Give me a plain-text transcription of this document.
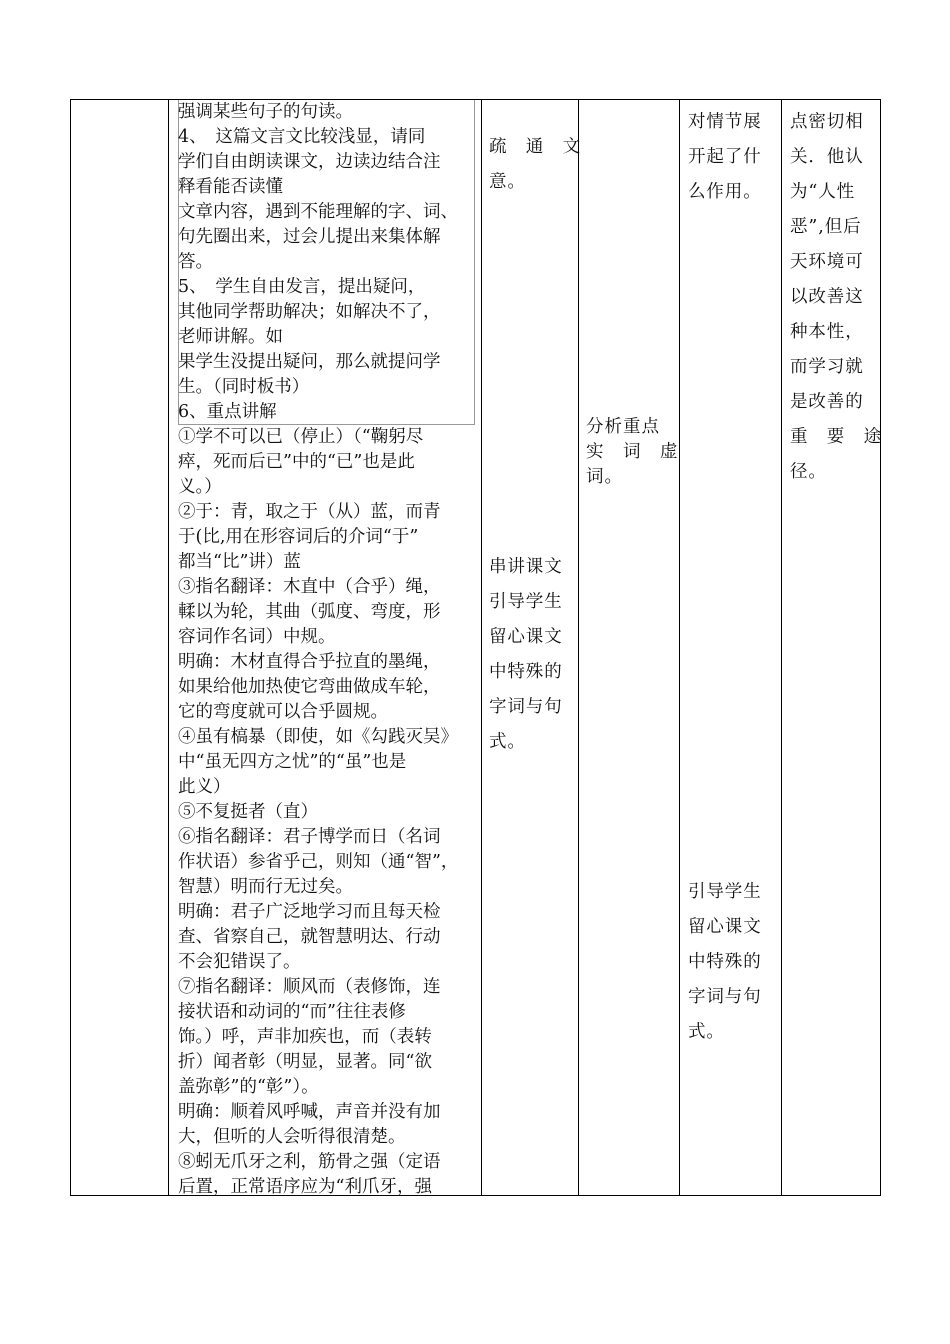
强调某些句子的句读。
4、　这篇文言文比较浅显，请同
学们自由朗读课文，边读边结合注
释看能否读懂
文章内容，遇到不能理解的字、词、
句先圈出来，过会儿提出来集体解
答。
5、　学生自由发言，提出疑问，
其他同学帮助解决；如解决不了，
老师讲解。如
果学生没提出疑问，那么就提问学
生。（同时板书）
6、重点讲解
①学不可以已（停止）（“鞠躬尽
瘁，死而后已”中的“已”也是此
义。）
②于：青，取之于（从）蓝，而青
于(比,用在形容词后的介词“于”
都当“比”讲）蓝
③指名翻译：木直中（合乎）绳，
輮以为轮，其曲（弧度、弯度，形
容词作名词）中规。
明确：木材直得合乎拉直的墨绳，
如果给他加热使它弯曲做成车轮，
它的弯度就可以合乎圆规。
④虽有槁暴（即使，如《勾践灭吴》
中“虽无四方之忧”的“虽”也是
此义）
⑤不复挺者（直）
⑥指名翻译：君子博学而日（名词
作状语）参省乎己，则知（通“智”，
智慧）明而行无过矣。
明确：君子广泛地学习而且每天检
查、省察自己，就智慧明达、行动
不会犯错误了。
⑦指名翻译：顺风而（表修饰，连
接状语和动词的“而”往往表修
饰。）呼，声非加疾也，而（表转
折）闻者彰（明显，显著。同“欲
盖弥彰”的“彰”）。
明确：顺着风呼喊，声音并没有加
大，但听的人会听得很清楚。
⑧蚓无爪牙之利，筋骨之强（定语
后置，正常语序应为“利爪牙，强
疏　通　文
意。
串讲课文
引导学生
留心课文
中特殊的
字词与句
式。
分析重点
实　词　虚
词。
对情节展
开起了什
么作用。
引导学生
留心课文
中特殊的
字词与句
式。
点密切相
关．他认
为“人性
恶”,但后
天环境可
以改善这
种本性，
而学习就
是改善的
重　要　途
径。
